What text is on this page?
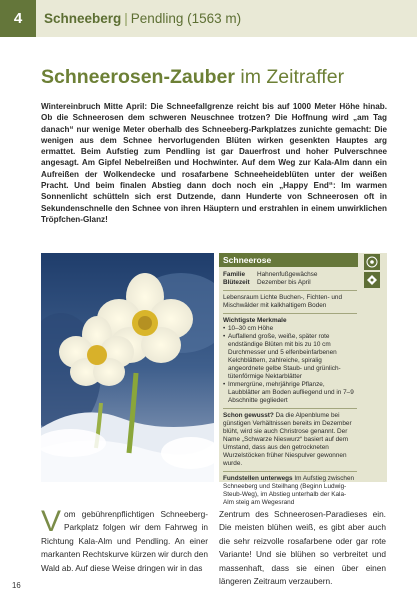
4	Schneeberg | Pendling (1563 m)
Schneerosen-Zauber im Zeitraffer
Wintereinbruch Mitte April: Die Schneefallgrenze reicht bis auf 1000 Meter Höhe hinab. Ob die Schneerosen dem schweren Neuschnee trotzen? Die Hoffnung wird „am Tag danach“ nur wenige Meter oberhalb des Schneeberg-Parkplatzes zunichte gemacht: Die wenigen aus dem Schnee hervorlugenden Blüten wirken gesenkten Hauptes arg ermattet. Beim Aufstieg zum Pendling ist gar Dauerfrost und hoher Pulverschnee angesagt. Am Gipfel Nebelreißen und Hochwinter. Auf dem Weg zur Kala-Alm dann ein Aufreißen der Wolkendecke und rosafarbene Schneeheideblüten unter der weißen Pracht. Und beim finalen Abstieg dann doch noch ein „Happy End“: Im warmen Sonnenlicht schütteln sich erst Dutzende, dann Hunderte von Schneerosen oft in Sekundenschnelle den Schnee von ihren Häuptern und erstrahlen in einem unwirklichen Tröpfchen-Glanz!
Schneerose
Familie	Hahnenfußgewächse
Blütezeit	Dezember bis April
Lebensraum Lichte Buchen-, Fichten- und Mischwälder mit kalkhaltigem Boden
Wichtigste Merkmale
• 10–30 cm Höhe
• Auffallend große, weiße, später rote endständige Blüten mit bis zu 10 cm Durchmesser und 5 elfenbeinfarbenen Kelchblättern, zahlreiche, spiralig angeordnete gelbe Staub- und grünlich-tütenförmige Nektarblätter
• Immergrüne, mehrjährige Pflanze, Laubblätter am Boden aufliegend und in 7–9 Abschnitte gegliedert

Schon gewusst? Da die Alpenblume bei günstigen Verhältnissen bereits im Dezember blüht, wird sie auch Christrose genannt. Der Name „Schwarze Nieswurz“ basiert auf dem Umstand, dass aus den getrockneten Wurzelstöcken früher Niespulver gewonnen wurde.

Fundstellen unterwegs Im Aufstieg zwischen Schneeberg und Steilhang (Beginn Ludwig-Steub-Weg), im Abstieg unterhalb der Kala-Alm steig am Wegesrand

Vom gebührenpflichtigen Schneeberg-Parkplatz folgen wir dem Fahrweg in Richtung Kala-Alm und Pendling. An einer markanten Rechtskurve kürzen wir durch den Wald ab. Auf diese Weise dringen wir in das
Zentrum des Schneerosen-Paradieses ein. Die meisten blühen weiß, es gibt aber auch die sehr reizvolle rosafarbene oder gar rote Variante! Und sie blühen so verbreitet und massenhaft, dass sie einen über einen längeren Zeitraum verzaubern.
16
